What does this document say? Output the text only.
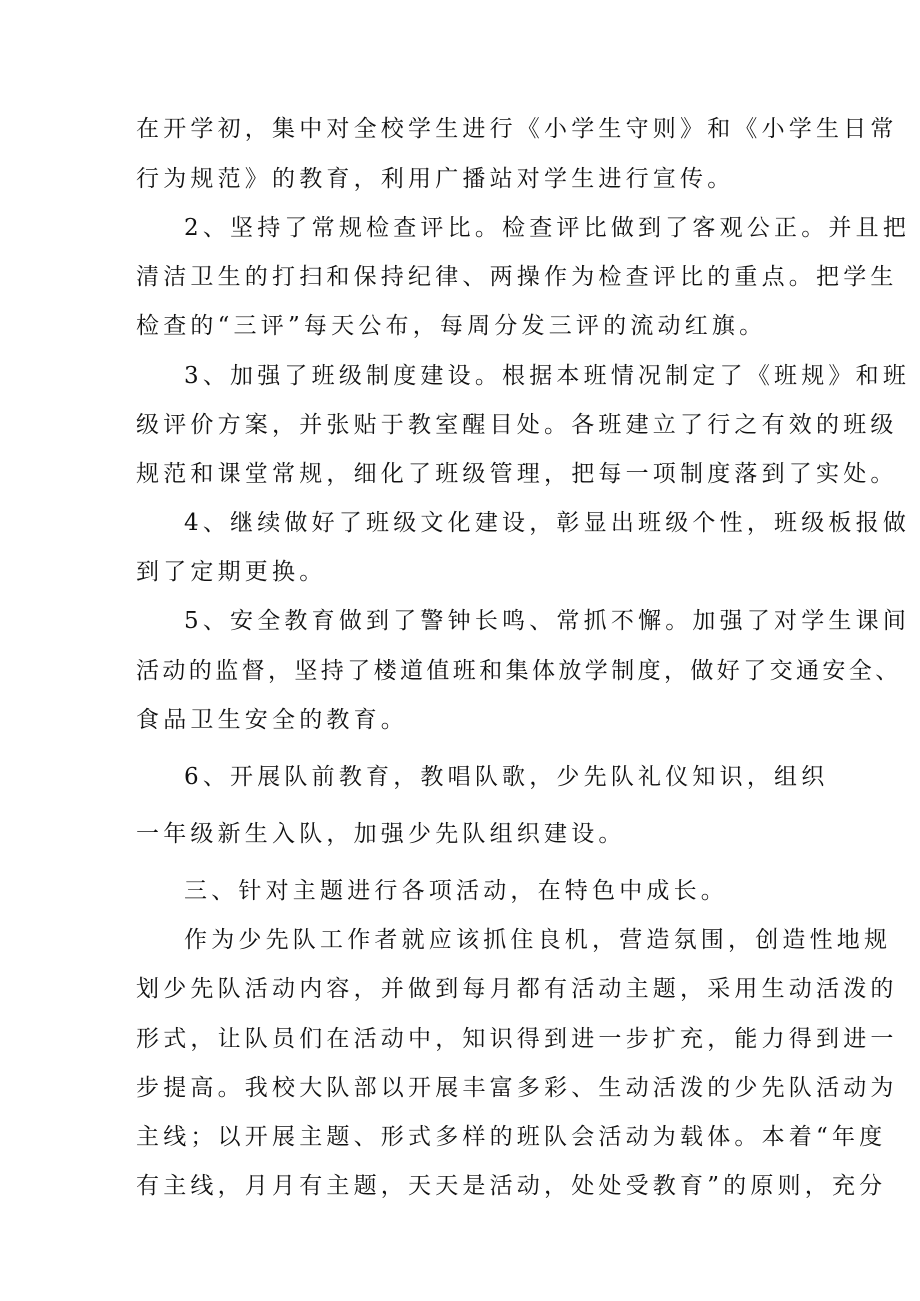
在开学初，集中对全校学生进行《小学生守则》和《小学生日常
行为规范》的教育，利用广播站对学生进行宣传。
2、坚持了常规检查评比。检查评比做到了客观公正。并且把
清洁卫生的打扫和保持纪律、两操作为检查评比的重点。把学生
检查的“三评”每天公布，每周分发三评的流动红旗。
3、加强了班级制度建设。根据本班情况制定了《班规》和班
级评价方案，并张贴于教室醒目处。各班建立了行之有效的班级
规范和课堂常规，细化了班级管理，把每一项制度落到了实处。
4、继续做好了班级文化建设，彰显出班级个性，班级板报做
到了定期更换。
5、安全教育做到了警钟长鸣、常抓不懈。加强了对学生课间
活动的监督，坚持了楼道值班和集体放学制度，做好了交通安全、
食品卫生安全的教育。
6、开展队前教育，教唱队歌，少先队礼仪知识，组织
一年级新生入队，加强少先队组织建设。
三、针对主题进行各项活动，在特色中成长。
作为少先队工作者就应该抓住良机，营造氛围，创造性地规
划少先队活动内容，并做到每月都有活动主题，采用生动活泼的
形式，让队员们在活动中，知识得到进一步扩充，能力得到进一
步提高。我校大队部以开展丰富多彩、生动活泼的少先队活动为
主线；以开展主题、形式多样的班队会活动为载体。本着“年度
有主线，月月有主题，天天是活动，处处受教育”的原则，充分
